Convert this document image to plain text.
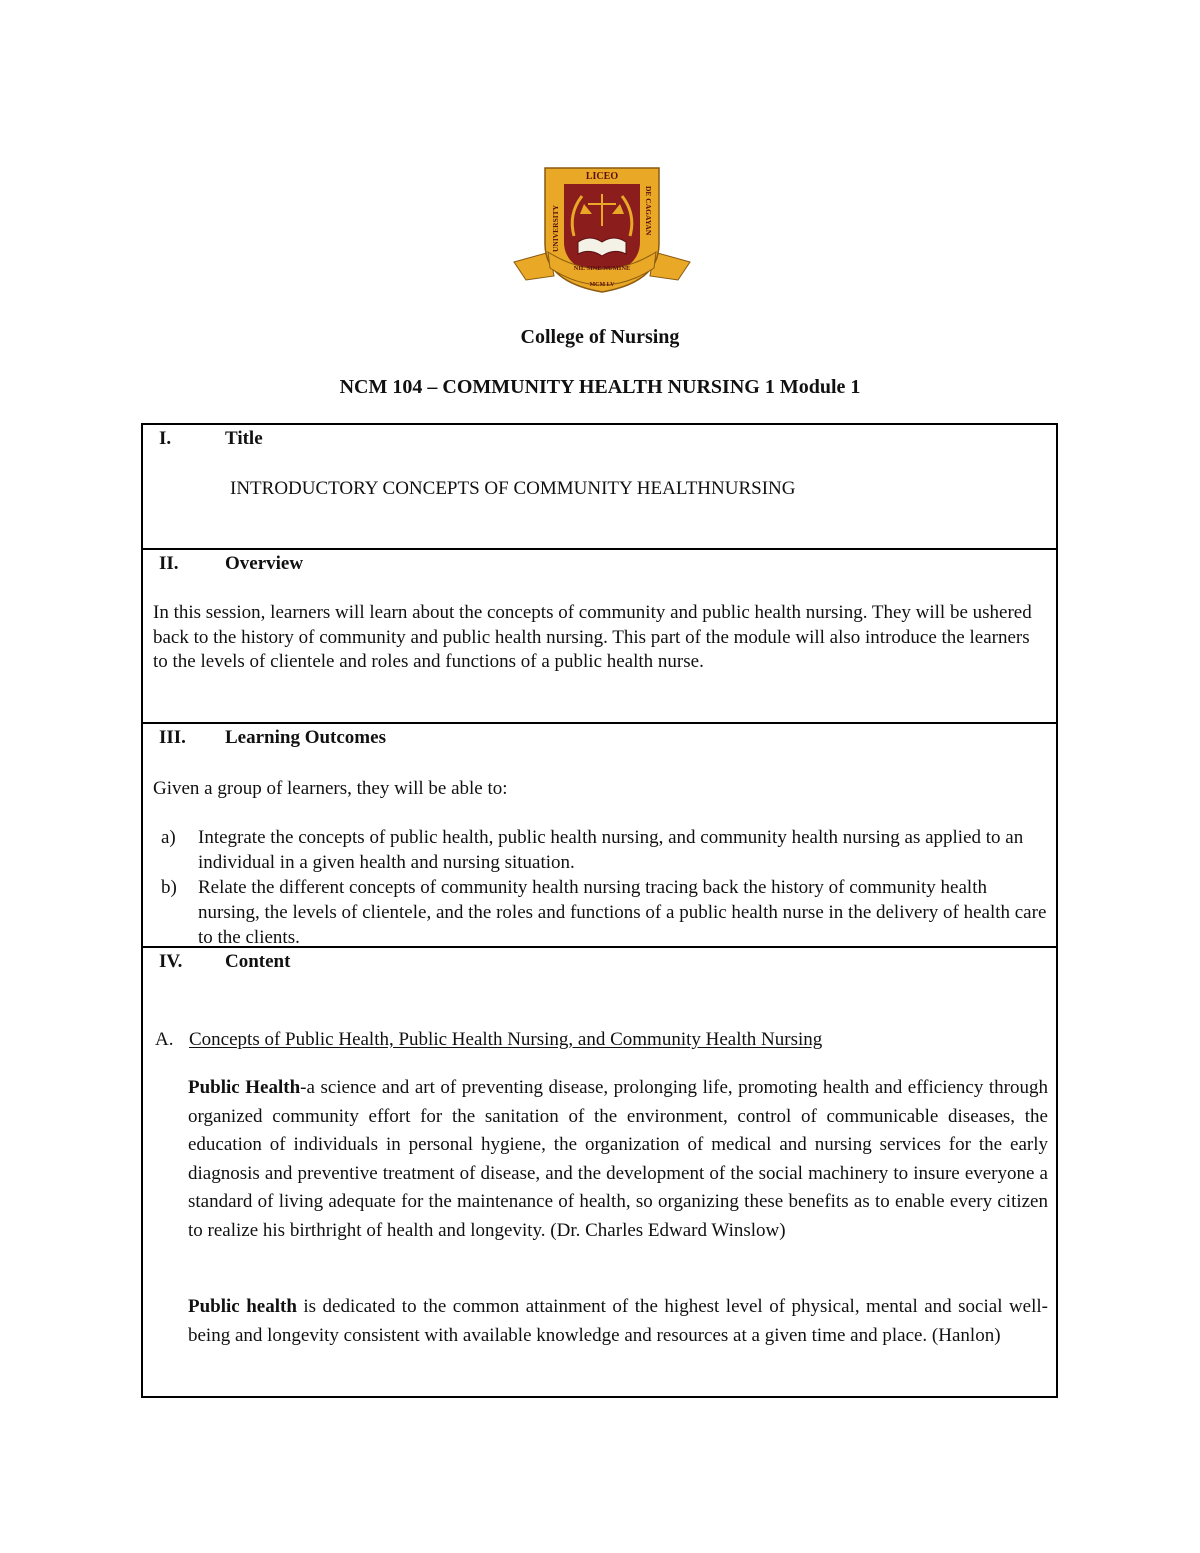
LICEO
UNIVERSITY	DE CAGAYAN
NIL SINE NUMINE
MCM LV
College of Nursing
NCM 104 – COMMUNITY HEALTH NURSING 1 Module 1
I.	Title
INTRODUCTORY CONCEPTS OF COMMUNITY HEALTHNURSING
II.	Overview
In this session, learners will learn about the concepts of community and public health nursing. They will be ushered back to the history of community and public health nursing. This part of the module will also introduce the learners to the levels of clientele and roles and functions of a public health nurse.
III.	Learning Outcomes
Given a group of learners, they will be able to:
a) Integrate the concepts of public health, public health nursing, and community health nursing as applied to an individual in a given health and nursing situation.
b) Relate the different concepts of community health nursing tracing back the history of community health nursing, the levels of clientele, and the roles and functions of a public health nurse in the delivery of health care to the clients.
IV.	Content
A. Concepts of Public Health, Public Health Nursing, and Community Health Nursing
Public Health-a science and art of preventing disease, prolonging life, promoting health and efficiency through organized community effort for the sanitation of the environment, control of communicable diseases, the education of individuals in personal hygiene, the organization of medical and nursing services for the early diagnosis and preventive treatment of disease, and the development of the social machinery to insure everyone a standard of living adequate for the maintenance of health, so organizing these benefits as to enable every citizen to realize his birthright of health and longevity. (Dr. Charles Edward Winslow)
Public health is dedicated to the common attainment of the highest level of physical, mental and social well-being and longevity consistent with available knowledge and resources at a given time and place. (Hanlon)
